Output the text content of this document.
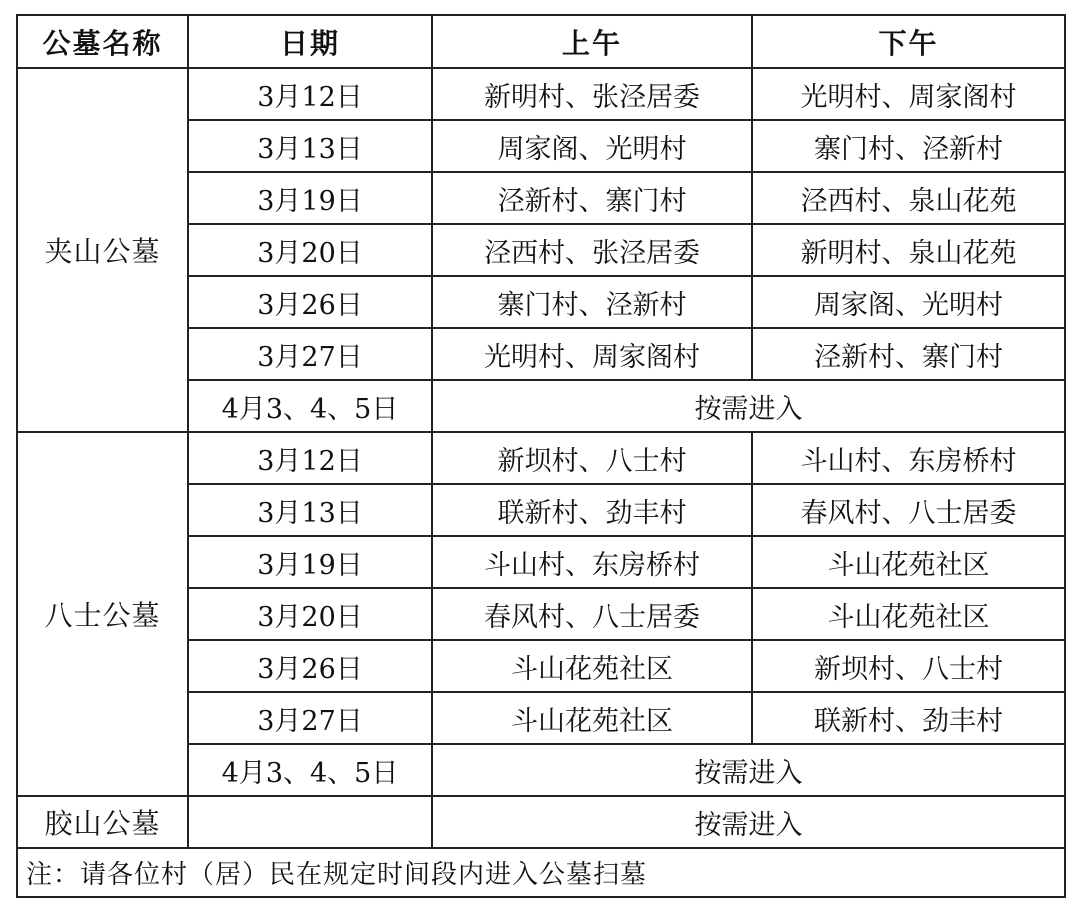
公墓名称	日期	上午	下午
夹山公墓	3月12日	新明村、张泾居委	光明村、周家阁村
	3月13日	周家阁、光明村	寨门村、泾新村
	3月19日	泾新村、寨门村	泾西村、泉山花苑
	3月20日	泾西村、张泾居委	新明村、泉山花苑
	3月26日	寨门村、泾新村	周家阁、光明村
	3月27日	光明村、周家阁村	泾新村、寨门村
	4月3、4、5日	按需进入	
八士公墓	3月12日	新坝村、八士村	斗山村、东房桥村
	3月13日	联新村、劲丰村	春风村、八士居委
	3月19日	斗山村、东房桥村	斗山花苑社区
	3月20日	春风村、八士居委	斗山花苑社区
	3月26日	斗山花苑社区	新坝村、八士村
	3月27日	斗山花苑社区	联新村、劲丰村
	4月3、4、5日	按需进入	
胶山公墓		按需进入	
注：请各位村（居）民在规定时间段内进入公墓扫墓			
